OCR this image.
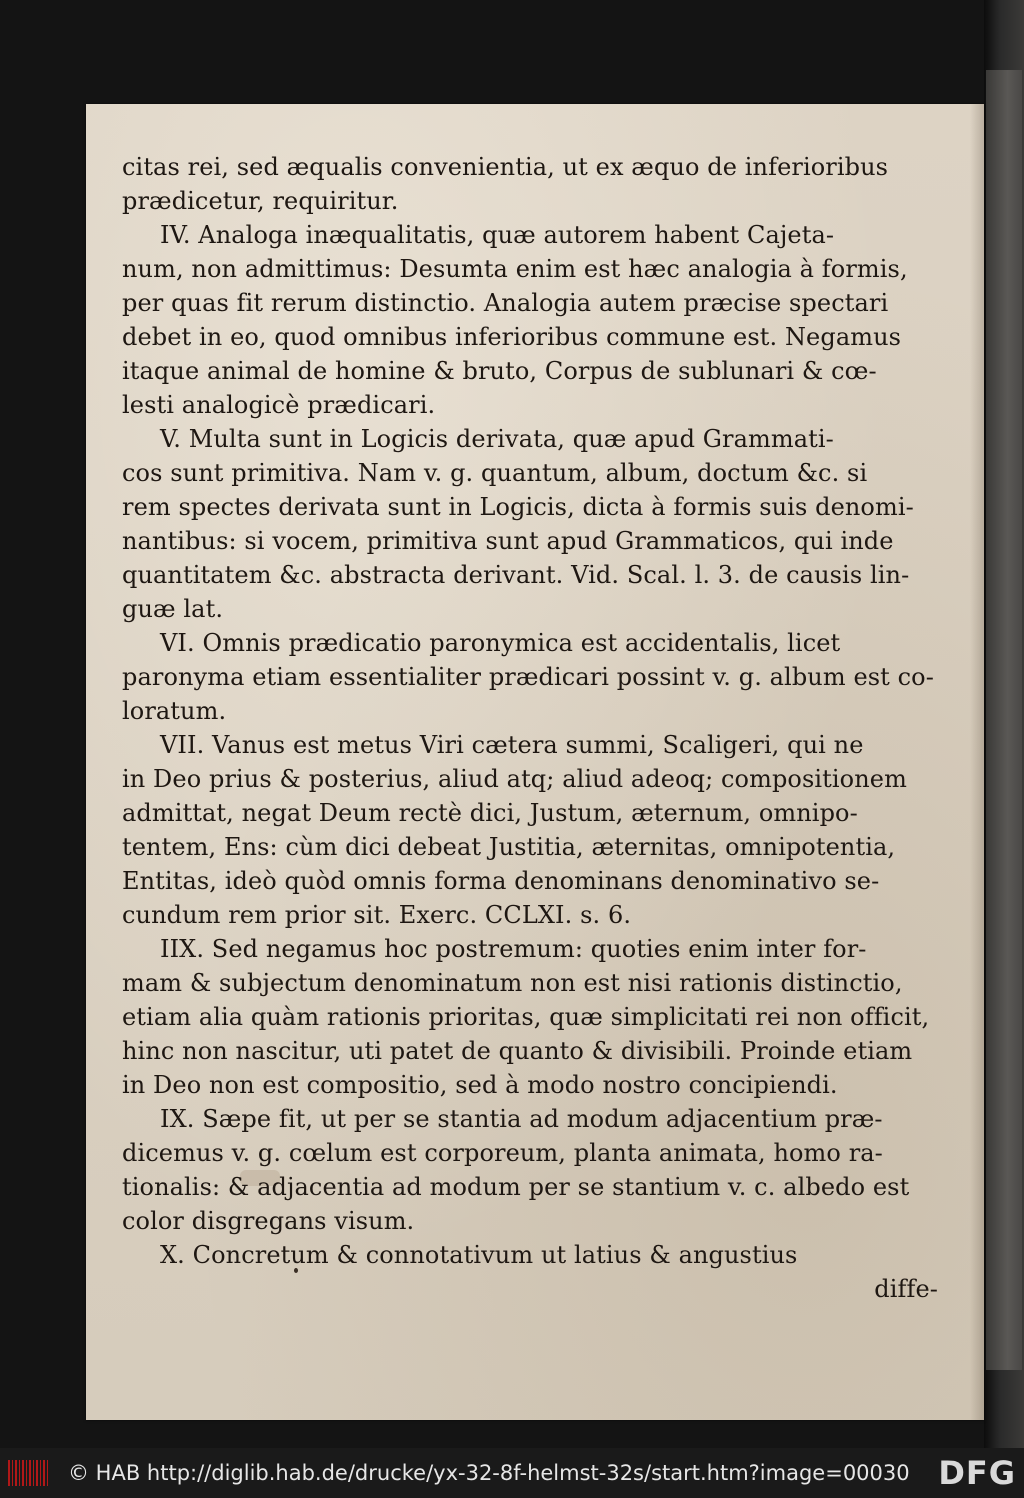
citas rei, sed æqualis convenientia, ut ex æquo de inferioribus
prædicetur, requiritur.
IV. Analoga inæqualitatis, quæ autorem habent Cajeta-
num, non admittimus: Desumta enim est hæc analogia à formis,
per quas fit rerum distinctio. Analogia autem præcise spectari
debet in eo, quod omnibus inferioribus commune est. Negamus
itaque animal de homine & bruto, Corpus de sublunari & cœ-
lesti analogicè prædicari.
V. Multa sunt in Logicis derivata, quæ apud Grammati-
cos sunt primitiva. Nam v. g. quantum, album, doctum &c. si
rem spectes derivata sunt in Logicis, dicta à formis suis denomi-
nantibus: si vocem, primitiva sunt apud Grammaticos, qui inde
quantitatem &c. abstracta derivant. Vid. Scal. l. 3. de causis lin-
guæ lat.
VI. Omnis prædicatio paronymica est accidentalis, licet
paronyma etiam essentialiter prædicari possint v. g. album est co-
loratum.
VII. Vanus est metus Viri cætera summi, Scaligeri, qui ne
in Deo prius & posterius, aliud atq; aliud adeoq; compositionem
admittat, negat Deum rectè dici, Justum, æternum, omnipo-
tentem, Ens: cùm dici debeat Justitia, æternitas, omnipotentia,
Entitas, ideò quòd omnis forma denominans denominativo se-
cundum rem prior sit. Exerc. CCLXI. s. 6.
IIX. Sed negamus hoc postremum: quoties enim inter for-
mam & subjectum denominatum non est nisi rationis distinctio,
etiam alia quàm rationis prioritas, quæ simplicitati rei non officit,
hinc non nascitur, uti patet de quanto & divisibili. Proinde etiam
in Deo non est compositio, sed à modo nostro concipiendi.
IX. Sæpe fit, ut per se stantia ad modum adjacentium præ-
dicemus v. g. cœlum est corporeum, planta animata, homo ra-
tionalis: & adjacentia ad modum per se stantium v. c. albedo est
color disgregans visum.
X. Concretum & connotativum ut latius & angustius
diffe-
© HAB http://diglib.hab.de/drucke/yx-32-8f-helmst-32s/start.htm?image=00030 DFG
